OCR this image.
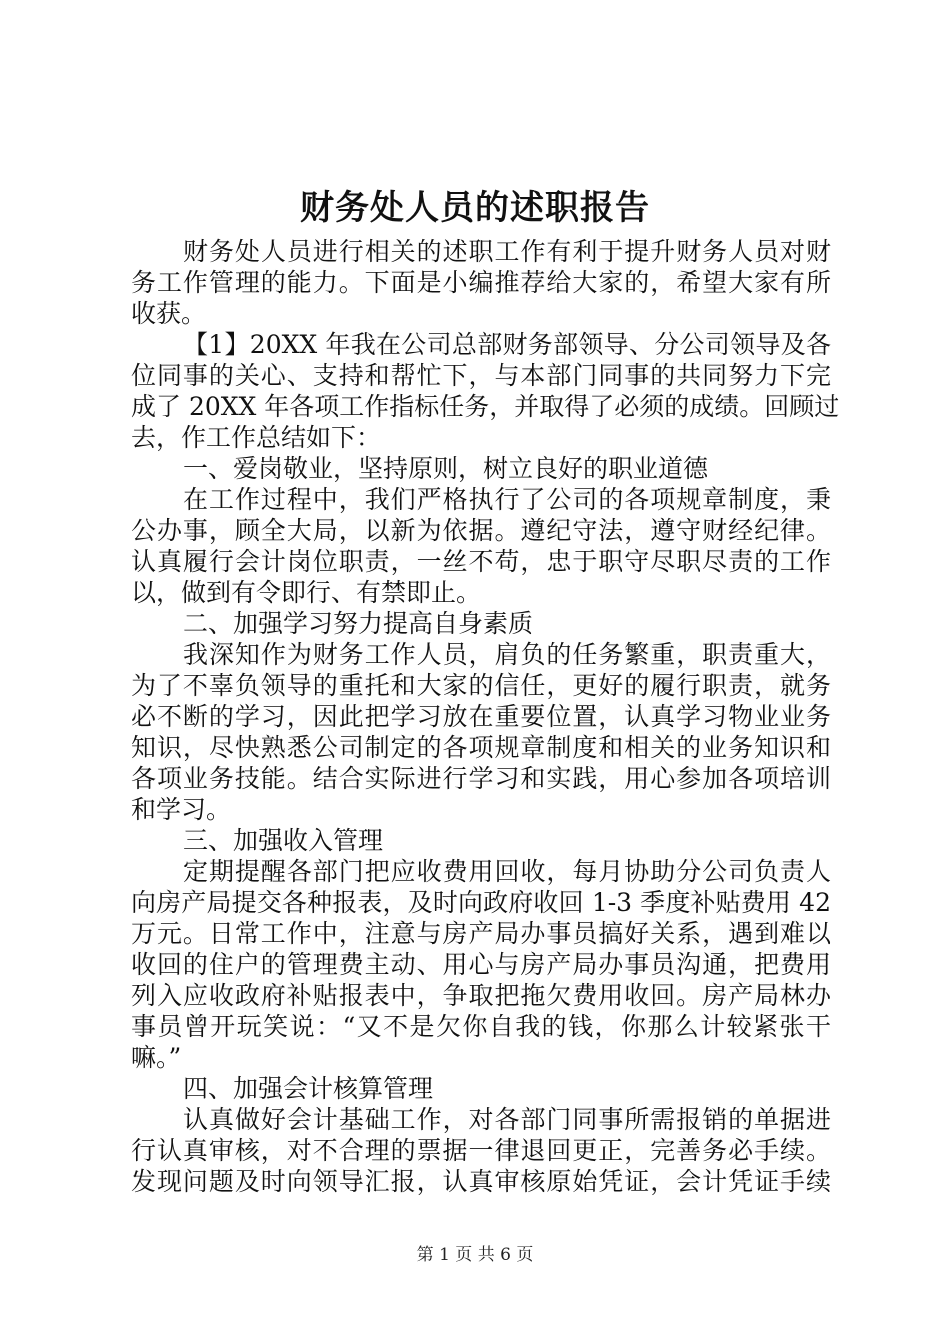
财务处人员的述职报告
财务处人员进行相关的述职工作有利于提升财务人员对财
务工作管理的能力。下面是小编推荐给大家的，希望大家有所
收获。
【1】20XX 年我在公司总部财务部领导、分公司领导及各
位同事的关心、支持和帮忙下，与本部门同事的共同努力下完
成了 20XX 年各项工作指标任务，并取得了必须的成绩。回顾过
去，作工作总结如下：
一、爱岗敬业，坚持原则，树立良好的职业道德
在工作过程中，我们严格执行了公司的各项规章制度，秉
公办事，顾全大局，以新为依据。遵纪守法，遵守财经纪律。
认真履行会计岗位职责，一丝不苟，忠于职守尽职尽责的工作
以，做到有令即行、有禁即止。
二、加强学习努力提高自身素质
我深知作为财务工作人员，肩负的任务繁重，职责重大，
为了不辜负领导的重托和大家的信任，更好的履行职责，就务
必不断的学习，因此把学习放在重要位置，认真学习物业业务
知识，尽快熟悉公司制定的各项规章制度和相关的业务知识和
各项业务技能。结合实际进行学习和实践，用心参加各项培训
和学习。
三、加强收入管理
定期提醒各部门把应收费用回收，每月协助分公司负责人
向房产局提交各种报表，及时向政府收回 1-3 季度补贴费用 42
万元。日常工作中，注意与房产局办事员搞好关系，遇到难以
收回的住户的管理费主动、用心与房产局办事员沟通，把费用
列入应收政府补贴报表中，争取把拖欠费用收回。房产局林办
事员曾开玩笑说：“又不是欠你自我的钱，你那么计较紧张干
嘛。”
四、加强会计核算管理
认真做好会计基础工作，对各部门同事所需报销的单据进
行认真审核，对不合理的票据一律退回更正，完善务必手续。
发现问题及时向领导汇报，认真审核原始凭证，会计凭证手续
第 1 页 共 6 页
